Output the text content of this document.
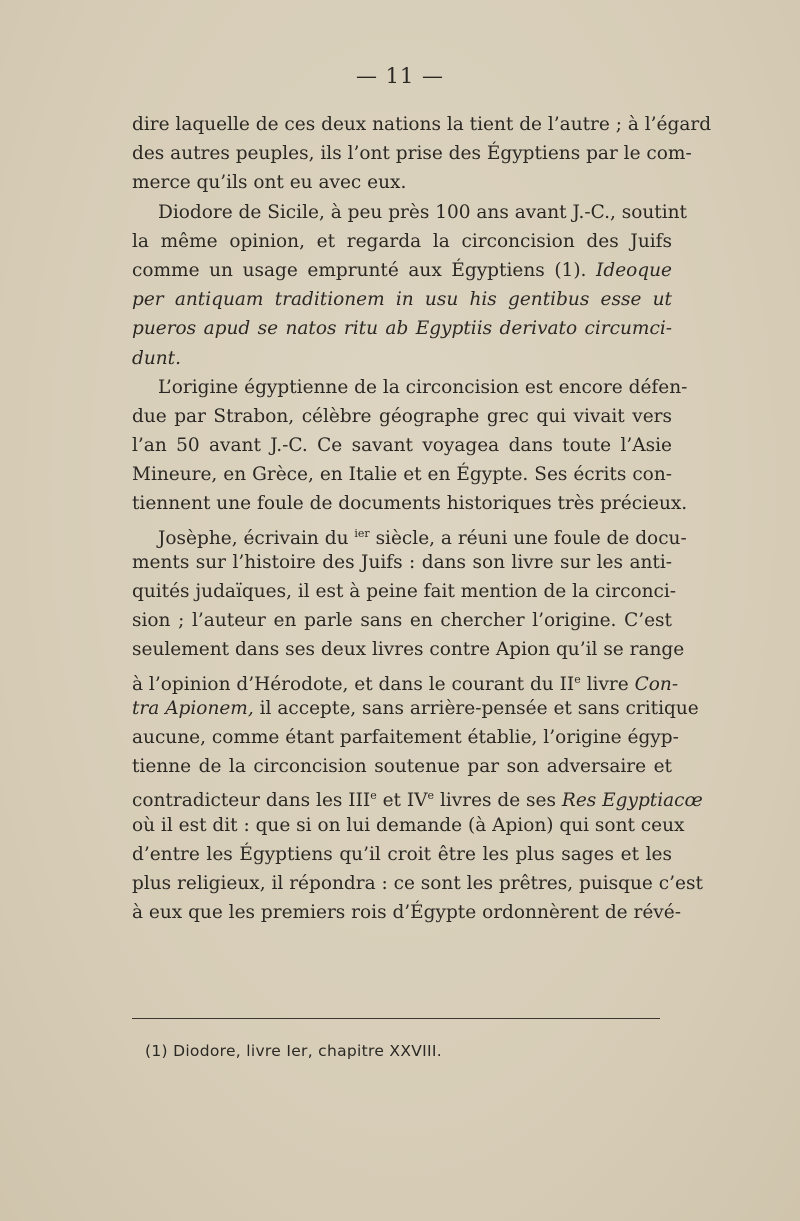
— 11 —
dire laquelle de ces deux nations la tient de l’autre ; à l’égard
des autres peuples, ils l’ont prise des Égyptiens par le com-
merce qu’ils ont eu avec eux.
Diodore de Sicile, à peu près 100 ans avant J.-C., soutint
la même opinion, et regarda la circoncision des Juifs
comme un usage emprunté aux Égyptiens (1). Ideoque
per antiquam traditionem in usu his gentibus esse ut
pueros apud se natos ritu ab Egyptiis derivato circumci-
dunt.
L’origine égyptienne de la circoncision est encore défen-
due par Strabon, célèbre géographe grec qui vivait vers
l’an 50 avant J.-C. Ce savant voyagea dans toute l’Asie
Mineure, en Grèce, en Italie et en Égypte. Ses écrits con-
tiennent une foule de documents historiques très précieux.
Josèphe, écrivain du $^{ier}$ siècle, a réuni une foule de docu-
ments sur l’histoire des Juifs : dans son livre sur les anti-
quités judaïques, il est à peine fait mention de la circonci-
sion ; l’auteur en parle sans en chercher l’origine. C’est
seulement dans ses deux livres contre Apion qu’il se range
à l’opinion d’Hérodote, et dans le courant du IIe livre Con-
tra Apionem, il accepte, sans arrière-pensée et sans critique
aucune, comme étant parfaitement établie, l’origine égyp-
tienne de la circoncision soutenue par son adversaire et
contradicteur dans les IIIe et IVe livres de ses Res Egyptiacœ
où il est dit : que si on lui demande (à Apion) qui sont ceux
d’entre les Égyptiens qu’il croit être les plus sages et les
plus religieux, il répondra : ce sont les prêtres, puisque c’est
à eux que les premiers rois d’Égypte ordonnèrent de révé-
(1) Diodore, livre Ier, chapitre XXVIII.
